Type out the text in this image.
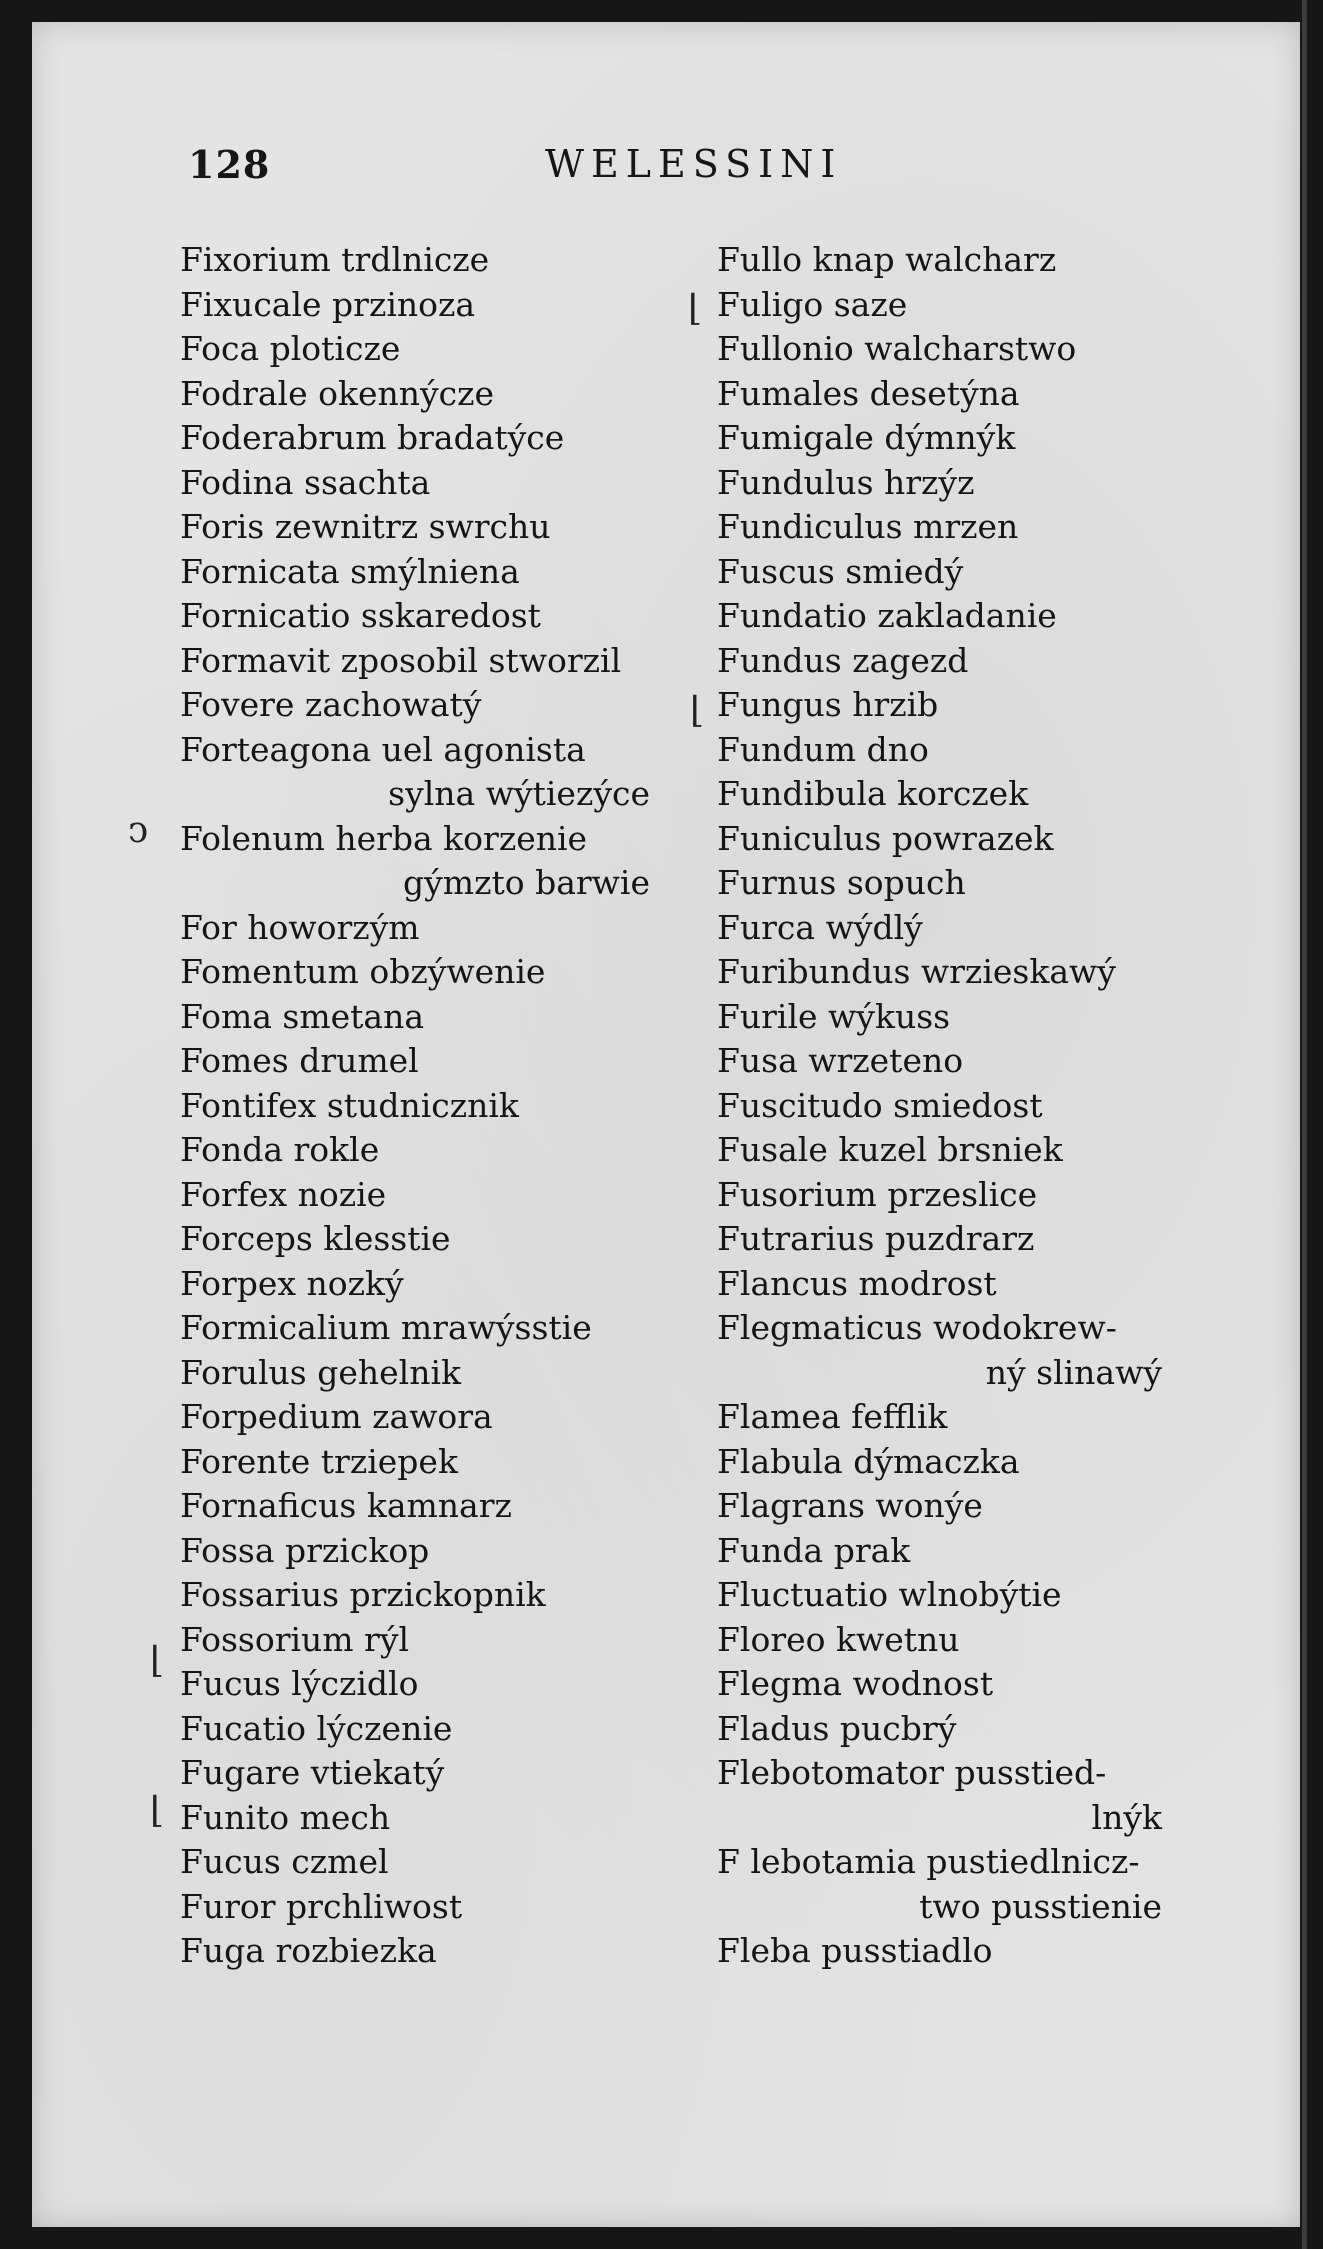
128	WELESSINI
Fixorium trdlnicze
Fixucale przinoza
Foca ploticze
Fodrale okennýcze
Foderabrum bradatýce
Fodina ssachta
Foris zewnitrz swrchu
Fornicata smýlniena
Fornicatio sskaredost
Formavit zposobil stworzil
Fovere zachowatý
Forteagona uel agonista
sylna wýtiezýce
Folenum herba korzenie
gýmzto barwie
For howorzým
Fomentum obzýwenie
Foma smetana
Fomes drumel
Fontifex studnicznik
Fonda rokle
Forfex nozie
Forceps klesstie
Forpex nozký
Formicalium mrawýsstie
Forulus gehelnik
Forpedium zawora
Forente trziepek
Fornaficus kamnarz
Fossa przickop
Fossarius przickopnik
Fossorium rýl
Fucus lýczidlo
Fucatio lýczenie
Fugare vtiekatý
Funito mech
Fucus czmel
Furor prchliwost
Fuga rozbiezka
Fullo knap walcharz
Fuligo saze
Fullonio walcharstwo
Fumales desetýna
Fumigale dýmnýk
Fundulus hrzýz
Fundiculus mrzen
Fuscus smiedý
Fundatio zakladanie
Fundus zagezd
Fungus hrzib
Fundum dno
Fundibula korczek
Funiculus powrazek
Furnus sopuch
Furca wýdlý
Furibundus wrzieskawý
Furile wýkuss
Fusa wrzeteno
Fuscitudo smiedost
Fusale kuzel brsniek
Fusorium przeslice
Futrarius puzdrarz
Flancus modrost
Flegmaticus wodokrew-
ný slinawý
Flamea fefflik
Flabula dýmaczka
Flagrans wonýe
Funda prak
Fluctuatio wlnobýtie
Floreo kwetnu
Flegma wodnost
Fladus pucbrý
Flebotomator pusstied-
lnýk
F lebotamia pustiedlnicz-
two pusstienie
Fleba pusstiadlo
ↄ
⌊
⌊
⌊
⌊
